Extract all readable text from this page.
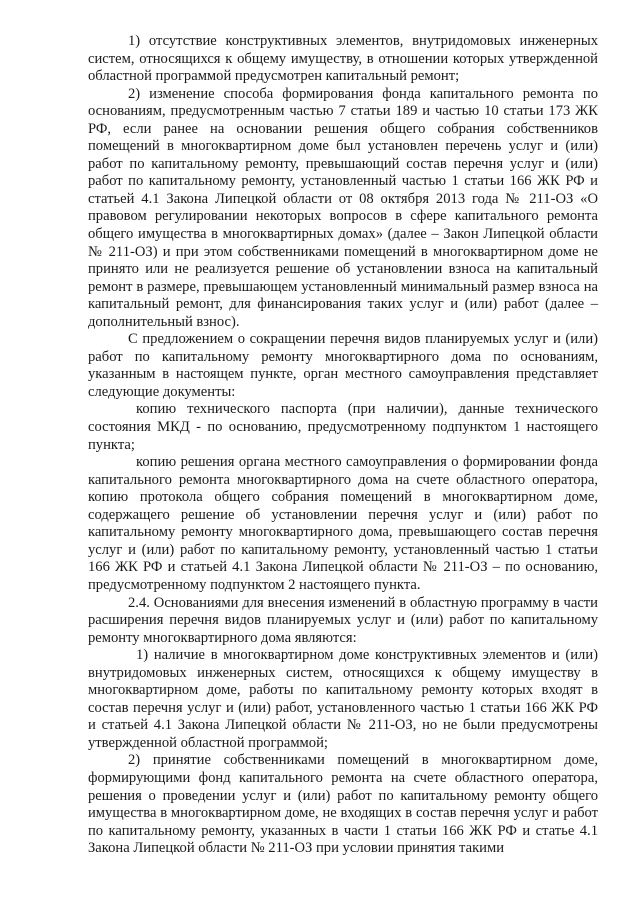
1) отсутствие конструктивных элементов, внутридомовых инженерных систем, относящихся к общему имуществу, в отношении которых утвержденной областной программой предусмотрен капитальный ремонт;

2) изменение способа формирования фонда капитального ремонта по основаниям, предусмотренным частью 7 статьи 189 и частью 10 статьи 173 ЖК РФ, если ранее на основании решения общего собрания собственников помещений в многоквартирном доме был установлен перечень услуг и (или) работ по капитальному ремонту, превышающий состав перечня услуг и (или) работ по капитальному ремонту, установленный частью 1 статьи 166 ЖК РФ и статьей 4.1 Закона Липецкой области от 08 октября 2013 года № 211-ОЗ «О правовом регулировании некоторых вопросов в сфере капитального ремонта общего имущества в многоквартирных домах» (далее – Закон Липецкой области № 211-ОЗ) и при этом собственниками помещений в многоквартирном доме не принято или не реализуется решение об установлении взноса на капитальный ремонт в размере, превышающем установленный минимальный размер взноса на капитальный ремонт, для финансирования таких услуг и (или) работ (далее – дополнительный взнос).

С предложением о сокращении перечня видов планируемых услуг и (или) работ по капитальному ремонту многоквартирного дома по основаниям, указанным в настоящем пункте, орган местного самоуправления представляет следующие документы:

копию технического паспорта (при наличии), данные технического состояния МКД - по основанию, предусмотренному подпунктом 1 настоящего пункта;

копию решения органа местного самоуправления о формировании фонда капитального ремонта многоквартирного дома на счете областного оператора, копию протокола общего собрания помещений в многоквартирном доме, содержащего решение об установлении перечня услуг и (или) работ по капитальному ремонту многоквартирного дома, превышающего состав перечня услуг и (или) работ по капитальному ремонту, установленный частью 1 статьи 166 ЖК РФ и статьей 4.1 Закона Липецкой области № 211-ОЗ – по основанию, предусмотренному подпунктом 2 настоящего пункта.

2.4. Основаниями для внесения изменений в областную программу в части расширения перечня видов планируемых услуг и (или) работ по капитальному ремонту многоквартирного дома являются:

1) наличие в многоквартирном доме конструктивных элементов и (или) внутридомовых инженерных систем, относящихся к общему имуществу в многоквартирном доме, работы по капитальному ремонту которых входят в состав перечня услуг и (или) работ, установленного частью 1 статьи 166 ЖК РФ и статьей 4.1 Закона Липецкой области № 211-ОЗ, но не были предусмотрены утвержденной областной программой;

2) принятие собственниками помещений в многоквартирном доме, формирующими фонд капитального ремонта на счете областного оператора, решения о проведении услуг и (или) работ по капитальному ремонту общего имущества в многоквартирном доме, не входящих в состав перечня услуг и работ по капитальному ремонту, указанных в части 1 статьи 166 ЖК РФ и статье 4.1 Закона Липецкой области № 211-ОЗ при условии принятия такими
